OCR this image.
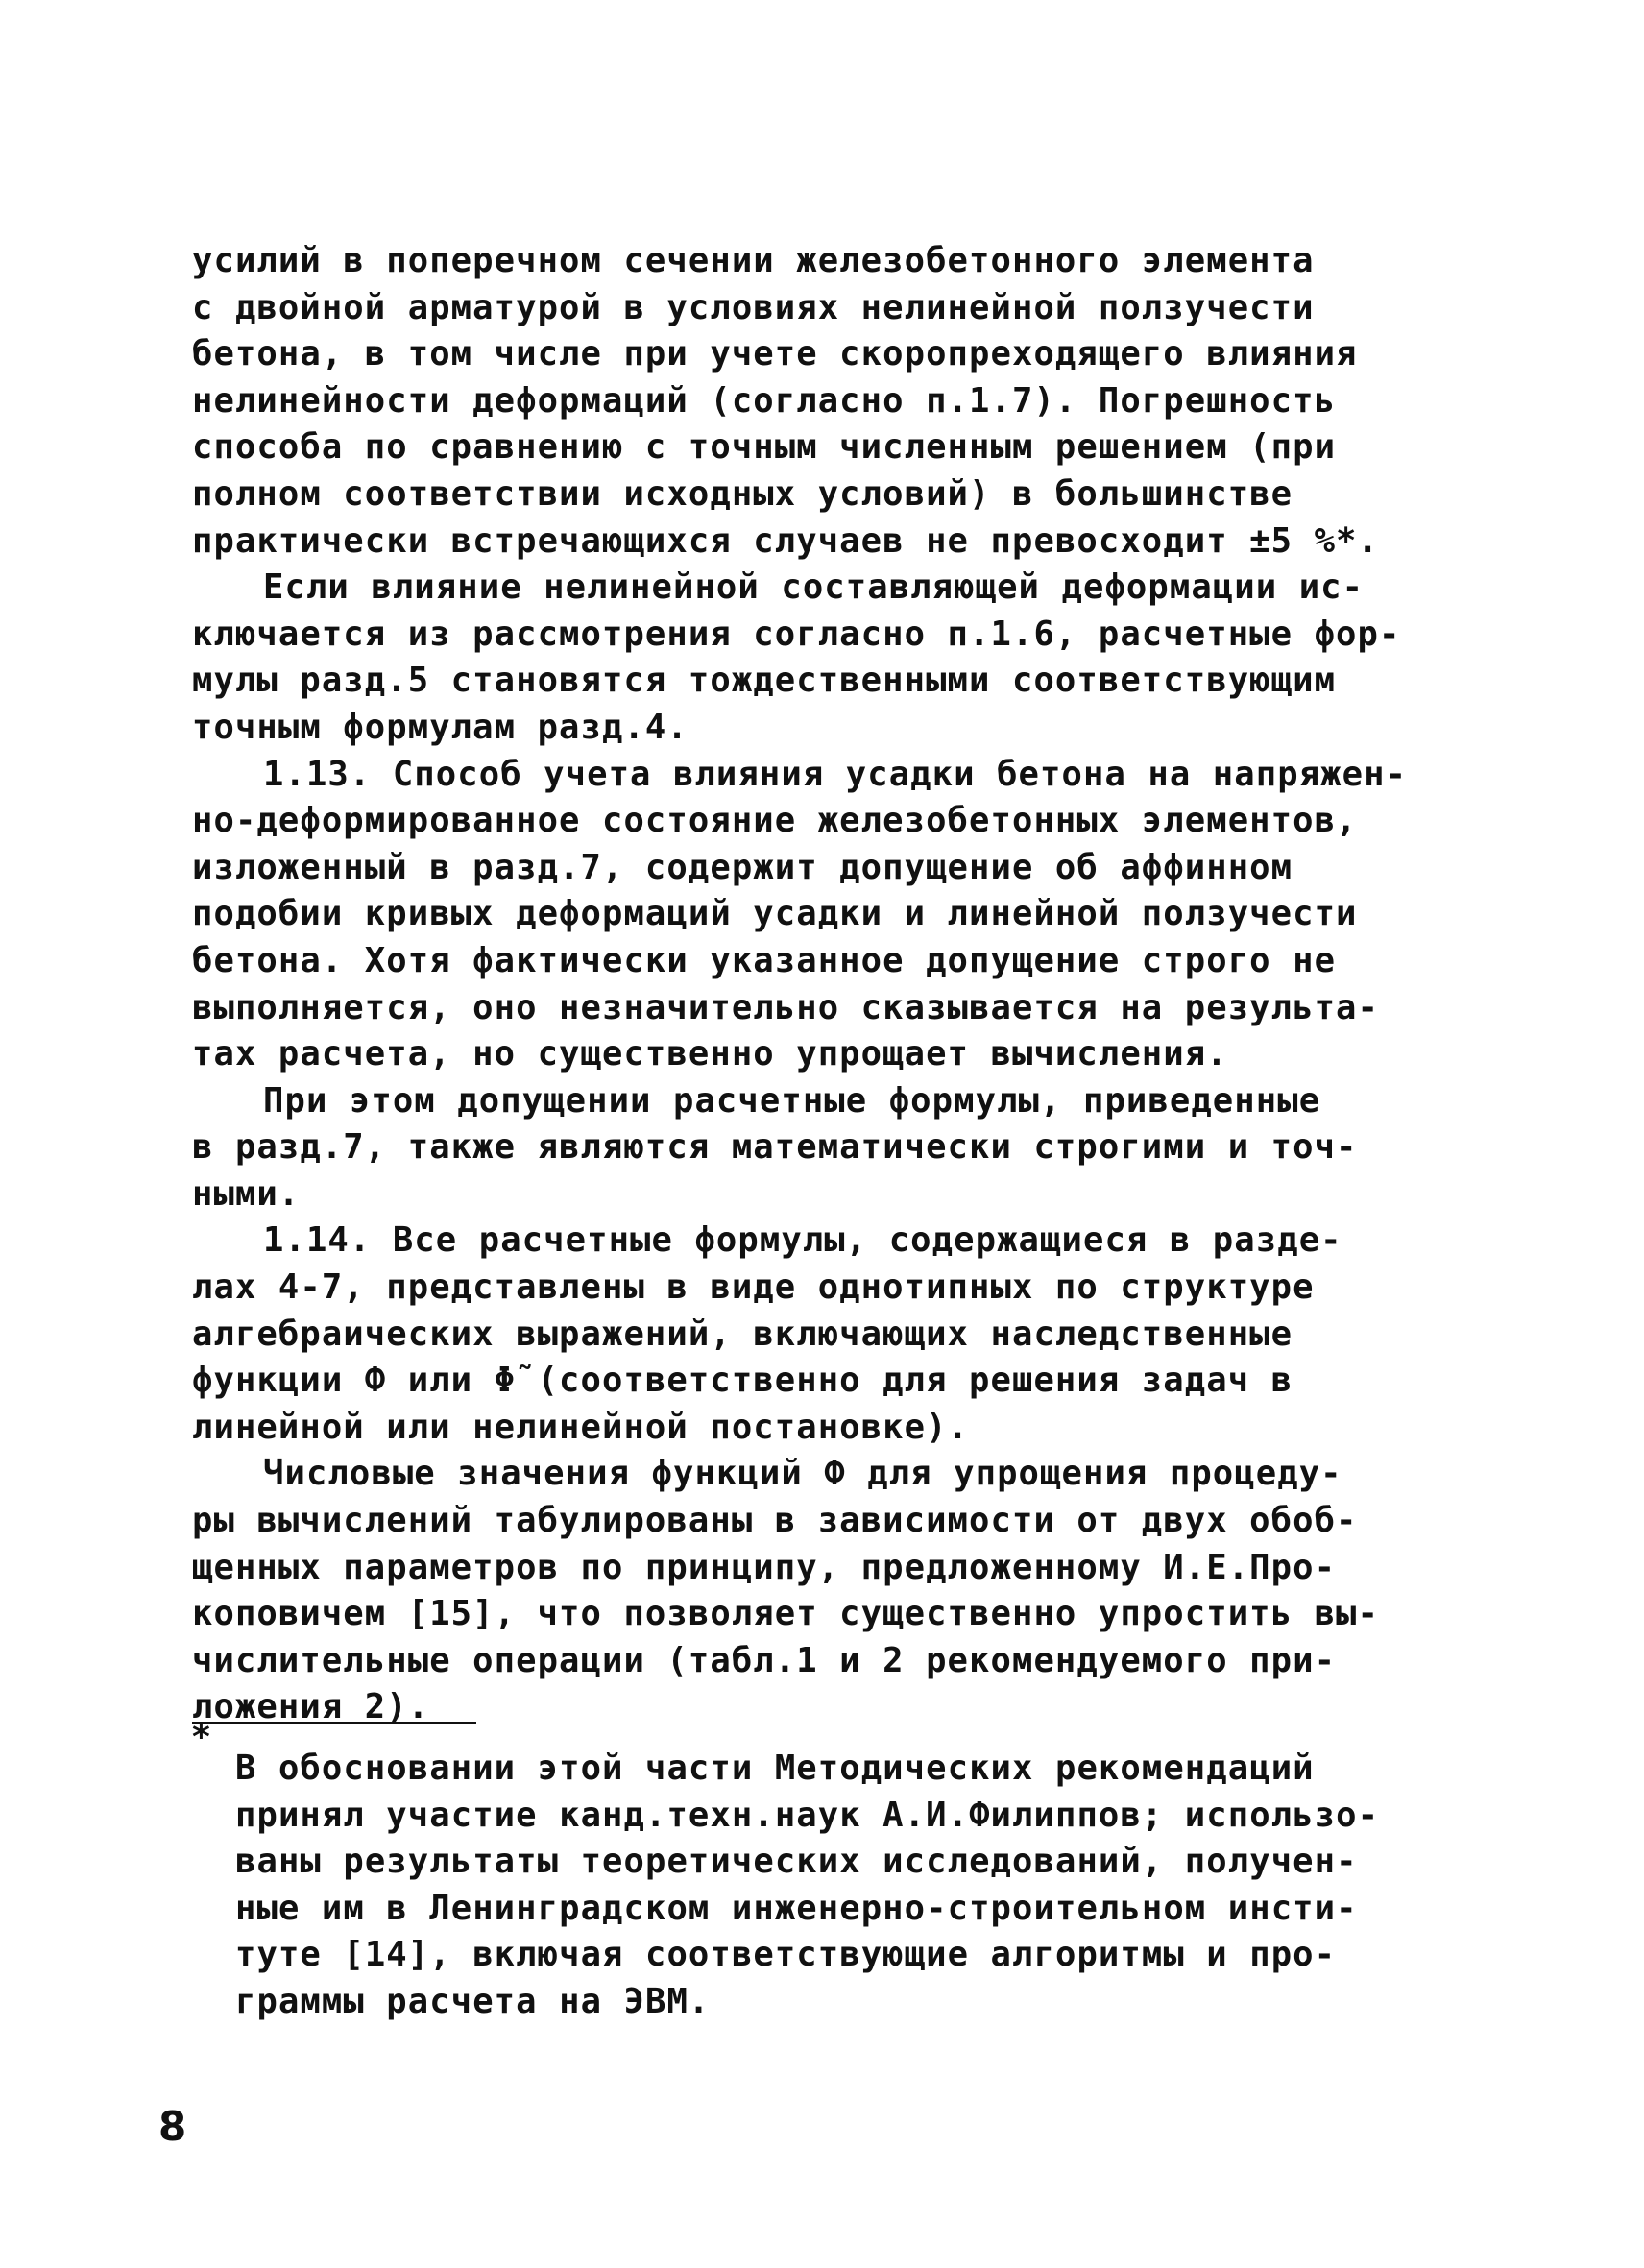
усилий в поперечном сечении железобетонного элемента
с двойной арматурой в условиях нелинейной ползучести
бетона, в том числе при учете скоропреходящего влияния
нелинейности деформаций (согласно п.1.7). Погрешность
способа по сравнению с точным численным решением (при
полном соответствии исходных условий) в большинстве
практически встречающихся случаев не превосходит ±5 %*.
Если влияние нелинейной составляющей деформации ис-
ключается из рассмотрения согласно п.1.6, расчетные фор-
мулы разд.5 становятся тождественными соответствующим
точным формулам разд.4.
1.13. Способ учета влияния усадки бетона на напряжен-
но-деформированное состояние железобетонных элементов,
изложенный в разд.7, содержит допущение об аффинном
подобии кривых деформаций усадки и линейной ползучести
бетона. Хотя фактически указанное допущение строго не
выполняется, оно незначительно сказывается на результа-
тах расчета, но существенно упрощает вычисления.
При этом допущении расчетные формулы, приведенные
в разд.7, также являются математически строгими и точ-
ными.
1.14. Все расчетные формулы, содержащиеся в разде-
лах 4-7, представлены в виде однотипных по структуре
алгебраических выражений, включающих наследственные
функции Ф или Φ̃ (соответственно для решения задач в
линейной или нелинейной постановке).
Числовые значения функций Ф для упрощения процеду-
ры вычислений табулированы в зависимости от двух обоб-
щенных параметров по принципу, предложенному И.Е.Про-
коповичем [15], что позволяет существенно упростить вы-
числительные операции (табл.1 и 2 рекомендуемого при-
ложения 2).
*
В обосновании этой части Методических рекомендаций
принял участие канд.техн.наук А.И.Филиппов; использо-
ваны результаты теоретических исследований, получен-
ные им в Ленинградском инженерно-строительном инсти-
туте [14], включая соответствующие алгоритмы и про-
граммы расчета на ЭВМ.
8
